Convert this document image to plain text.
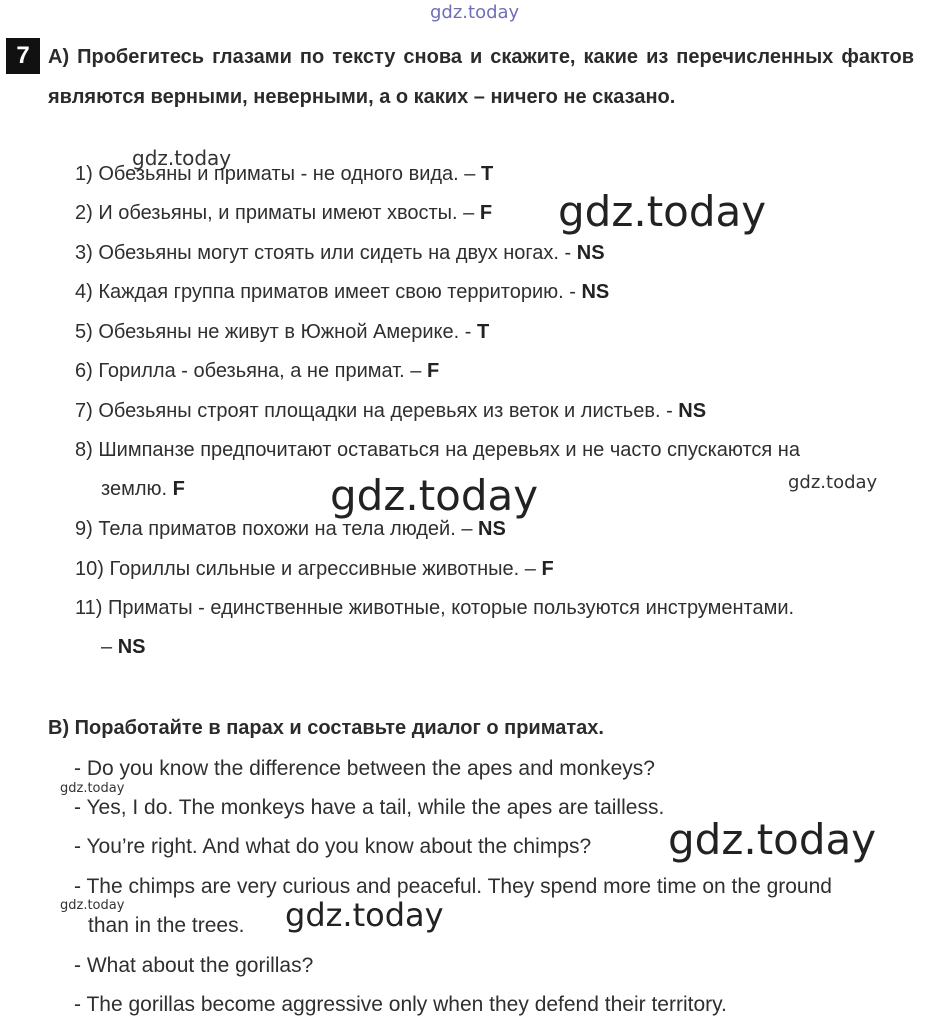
gdz.today
gdz.today
gdz.today
gdz.today	gdz.today
gdz.today
gdz.today
gdz.today	gdz.today
7 А) Пробегитесь глазами по тексту снова и скажите, какие из перечисленных фактов являются верными, неверными, а о каких – ничего не сказано.
1) Обезьяны и приматы - не одного вида. – T
2) И обезьяны, и приматы имеют хвосты. – F
3) Обезьяны могут стоять или сидеть на двух ногах. - NS
4) Каждая группа приматов имеет свою территорию. - NS
5) Обезьяны не живут в Южной Америке. - T
6) Горилла - обезьяна, а не примат. – F
7) Обезьяны строят площадки на деревьях из веток и листьев. - NS
8) Шимпанзе предпочитают оставаться на деревьях и не часто спускаются на
землю. F
9) Тела приматов похожи на тела людей. – NS
10) Гориллы сильные и агрессивные животные. – F
11) Приматы - единственные животные, которые пользуются инструментами.
– NS
В) Поработайте в парах и составьте диалог о приматах.
- Do you know the difference between the apes and monkeys?
- Yes, I do. The monkeys have a tail, while the apes are tailless.
- You’re right. And what do you know about the chimps?
- The chimps are very curious and peaceful. They spend more time on the ground
than in the trees.
- What about the gorillas?
- The gorillas become aggressive only when they defend their territory.
